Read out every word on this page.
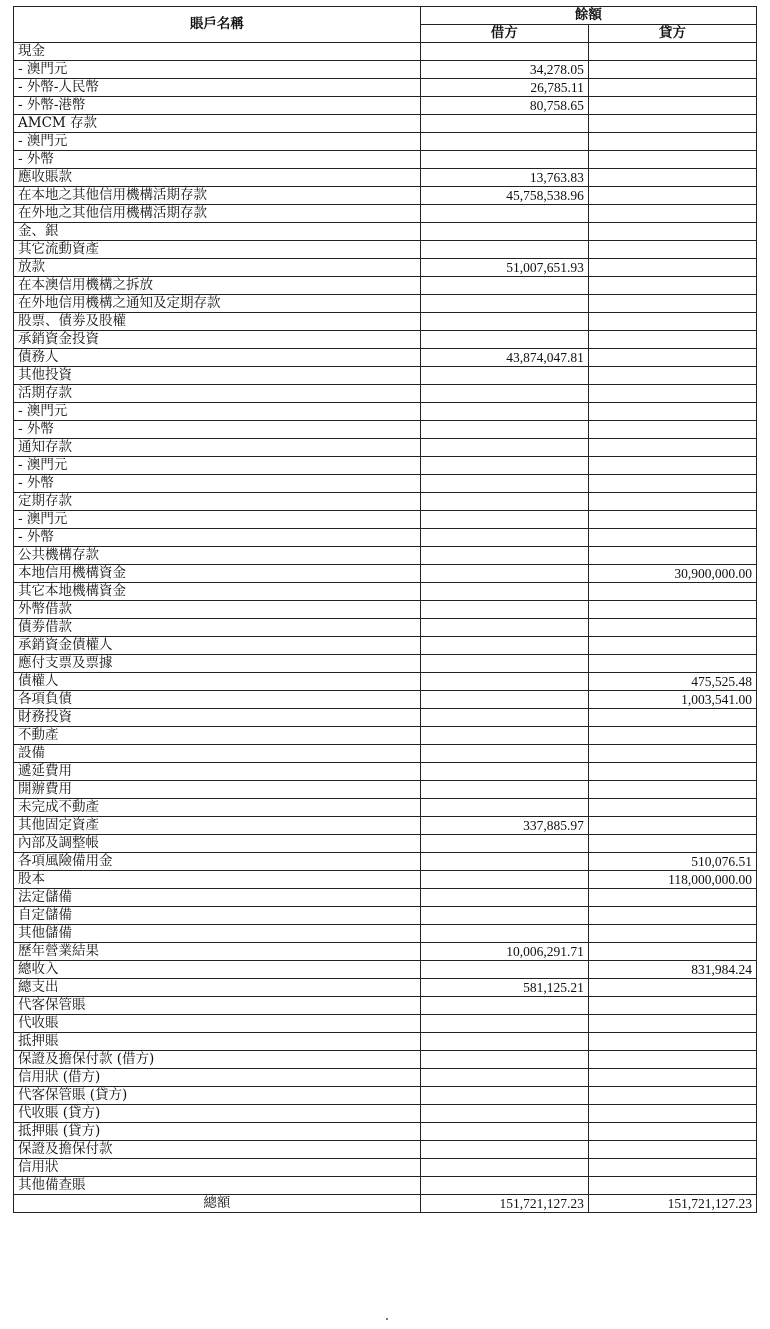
賬戶名稱	餘額	
	借方	貸方
現金		
- 澳門元	34,278.05	
- 外幣-人民幣	26,785.11	
- 外幣-港幣	80,758.65	
AMCM 存款		
- 澳門元		
- 外幣		
應收賬款	13,763.83	
在本地之其他信用機構活期存款	45,758,538.96	
在外地之其他信用機構活期存款		
金、銀		
其它流動資產		
放款	51,007,651.93	
在本澳信用機構之拆放		
在外地信用機構之通知及定期存款		
股票、債劵及股權		
承銷資金投資		
債務人	43,874,047.81	
其他投資		
活期存款		
- 澳門元		
- 外幣		
通知存款		
- 澳門元		
- 外幣		
定期存款		
- 澳門元		
- 外幣		
公共機構存款		
本地信用機構資金		30,900,000.00
其它本地機構資金		
外幣借款		
債劵借款		
承銷資金債權人		
應付支票及票據		
債權人		475,525.48
各項負債		1,003,541.00
財務投資		
不動產		
設備		
遞延費用		
開辦費用		
未完成不動產		
其他固定資產	337,885.97	
內部及調整帳		
各項風險備用金		510,076.51
股本		118,000,000.00
法定儲備		
自定儲備		
其他儲備		
歷年營業結果	10,006,291.71	
總收入		831,984.24
總支出	581,125.21	
代客保管賬		
代收賬		
抵押賬		
保證及擔保付款 (借方)		
信用狀 (借方)		
代客保管賬 (貸方)		
代收賬 (貸方)		
抵押賬 (貸方)		
保證及擔保付款		
信用狀		
其他備查賬		
總額	151,721,127.23	151,721,127.23
